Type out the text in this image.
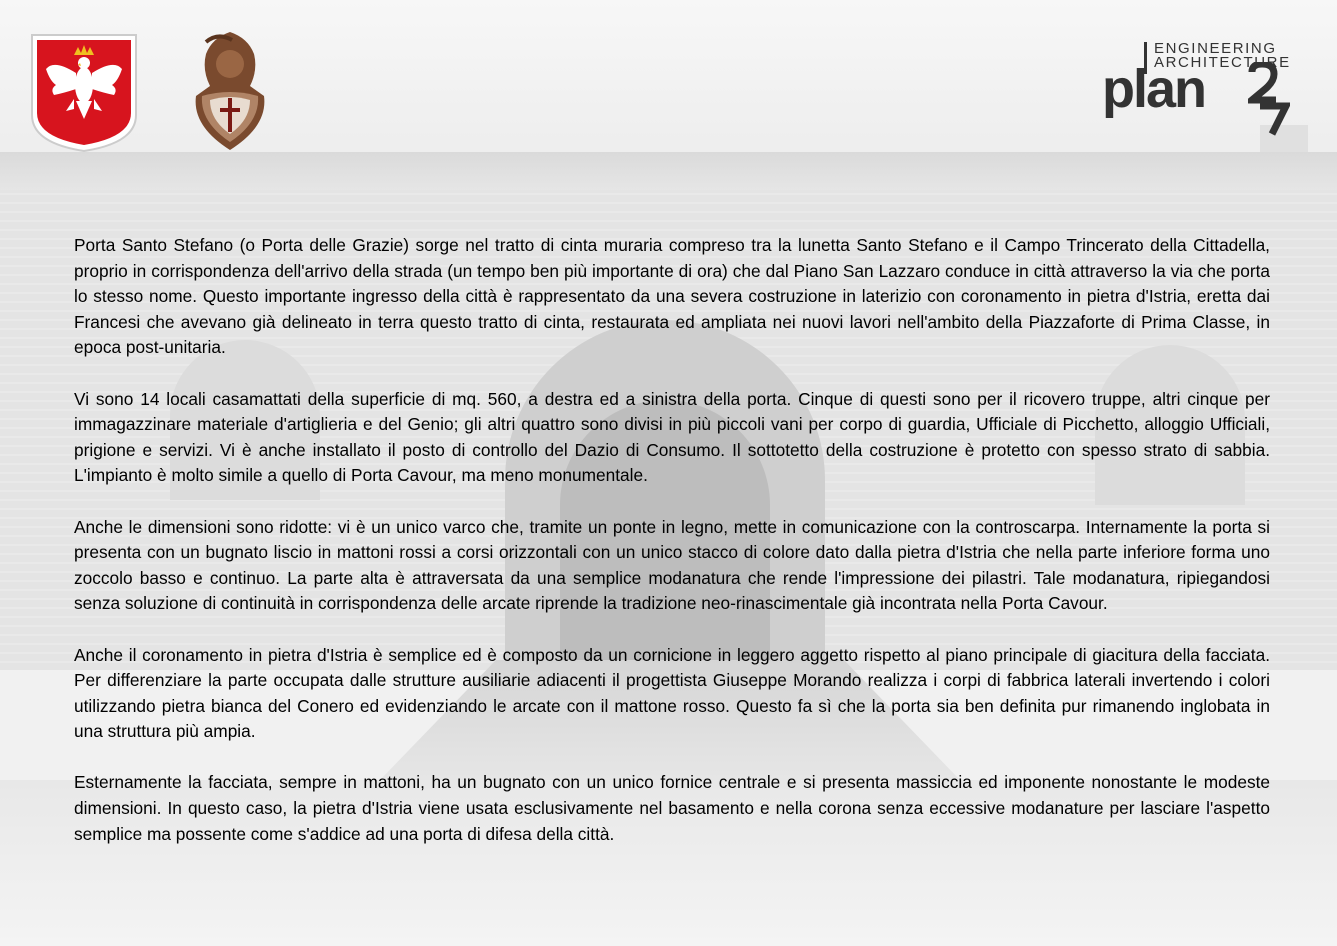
ENGINEERING
ARCHITECTURE
plan

Porta Santo Stefano (o Porta delle Grazie) sorge nel tratto di cinta muraria compreso tra la lunetta Santo Stefano e il Campo Trincerato della Cittadella, proprio in corrispondenza dell'arrivo della strada (un tempo ben più importante di ora) che dal Piano San Lazzaro conduce in città attraverso la via che porta lo stesso nome. Questo importante ingresso della città è rappresentato da una severa costruzione in laterizio con coronamento in pietra d'Istria, eretta dai Francesi che avevano già delineato in terra questo tratto di cinta, restaurata ed ampliata nei nuovi lavori nell'ambito della Piazzaforte di Prima Classe, in epoca post-unitaria.

Vi sono 14 locali casamattati della superficie di mq. 560, a destra ed a sinistra della porta. Cinque di questi sono per il ricovero truppe, altri cinque per immagazzinare materiale d'artiglieria e del Genio; gli altri quattro sono divisi in più piccoli vani per corpo di guardia, Ufficiale di Picchetto, alloggio Ufficiali, prigione e servizi. Vi è anche installato il posto di controllo del Dazio di Consumo. Il sottotetto della costruzione è protetto con spesso strato di sabbia. L'impianto è molto simile a quello di Porta Cavour, ma meno monumentale.

Anche le dimensioni sono ridotte: vi è un unico varco che, tramite un ponte in legno, mette in comunicazione con la controscarpa. Internamente la porta si presenta con un bugnato liscio in mattoni rossi a corsi orizzontali con un unico stacco di colore dato dalla pietra d'Istria che nella parte inferiore forma uno zoccolo basso e continuo. La parte alta è attraversata da una semplice modanatura che rende l'impressione dei pilastri. Tale modanatura, ripiegandosi senza soluzione di continuità in corrispondenza delle arcate riprende la tradizione neo-rinascimentale già incontrata nella Porta Cavour.

Anche il coronamento in pietra d'Istria è semplice ed è composto da un cornicione in leggero aggetto rispetto al piano principale di giacitura della facciata. Per differenziare la parte occupata dalle strutture ausiliarie adiacenti il progettista Giuseppe Morando realizza i corpi di fabbrica laterali invertendo i colori utilizzando pietra bianca del Conero ed evidenziando le arcate con il mattone rosso. Questo fa sì che la porta sia ben definita pur rimanendo inglobata in una struttura più ampia.

Esternamente la facciata, sempre in mattoni, ha un bugnato con un unico fornice centrale e si presenta massiccia ed imponente nonostante le modeste dimensioni. In questo caso, la pietra d'Istria viene usata esclusivamente nel basamento e nella corona senza eccessive modanature per lasciare l'aspetto semplice ma possente come s'addice ad una porta di difesa della città.
